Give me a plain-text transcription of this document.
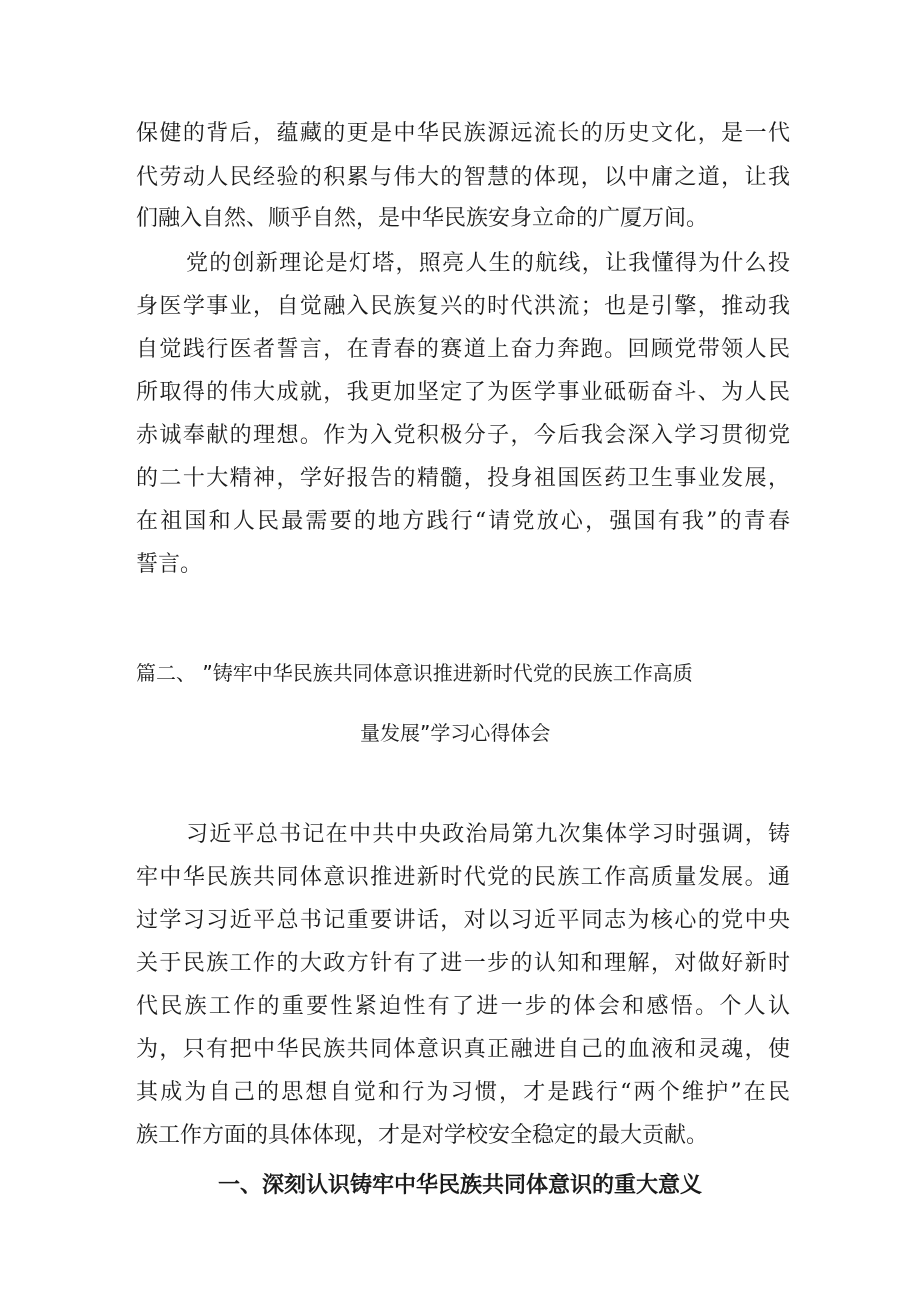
保健的背后，蕴藏的更是中华民族源远流长的历史文化，是一代
代劳动人民经验的积累与伟大的智慧的体现，以中庸之道，让我
们融入自然、顺乎自然，是中华民族安身立命的广厦万间。
党的创新理论是灯塔，照亮人生的航线，让我懂得为什么投
身医学事业，自觉融入民族复兴的时代洪流；也是引擎，推动我
自觉践行医者誓言，在青春的赛道上奋力奔跑。回顾党带领人民
所取得的伟大成就，我更加坚定了为医学事业砥砺奋斗、为人民
赤诚奉献的理想。作为入党积极分子，今后我会深入学习贯彻党
的二十大精神，学好报告的精髓，投身祖国医药卫生事业发展，
在祖国和人民最需要的地方践行“请党放心，强国有我”的青春
誓言。
篇二、 ”铸牢中华民族共同体意识推进新时代党的民族工作高质
量发展”学习心得体会
习近平总书记在中共中央政治局第九次集体学习时强调，铸
牢中华民族共同体意识推进新时代党的民族工作高质量发展。通
过学习习近平总书记重要讲话，对以习近平同志为核心的党中央
关于民族工作的大政方针有了进一步的认知和理解，对做好新时
代民族工作的重要性紧迫性有了进一步的体会和感悟。个人认
为，只有把中华民族共同体意识真正融进自己的血液和灵魂，使
其成为自己的思想自觉和行为习惯，才是践行“两个维护”在民
族工作方面的具体体现，才是对学校安全稳定的最大贡献。
一、深刻认识铸牢中华民族共同体意识的重大意义
